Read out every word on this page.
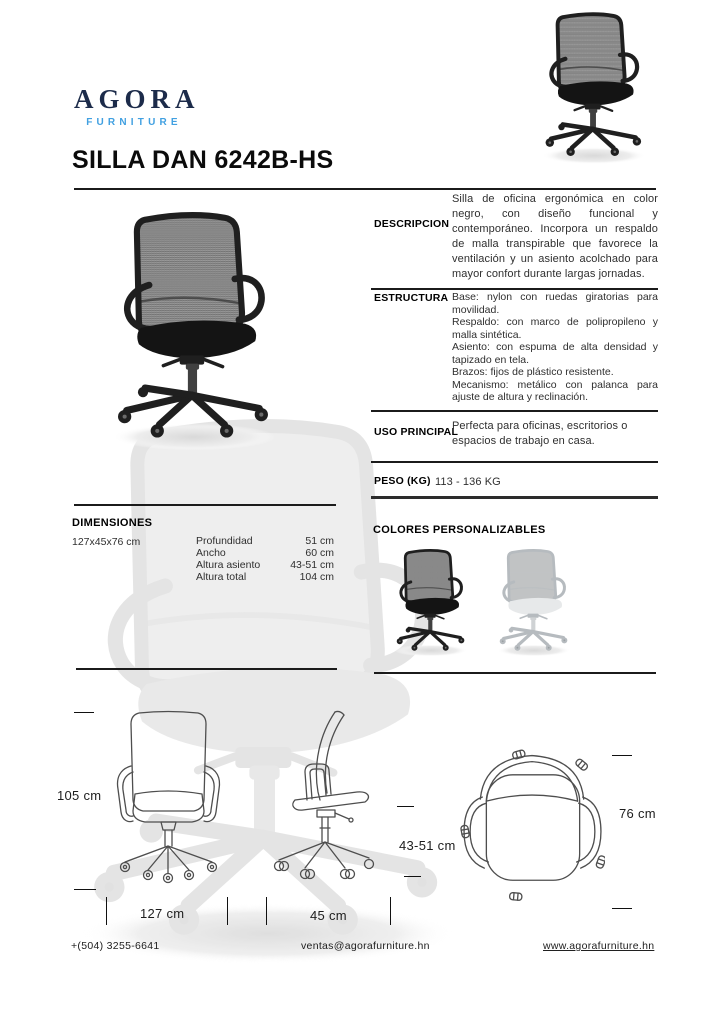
AGORA
FURNITURE
SILLA DAN 6242B-HS
DESCRIPCION
Silla de oficina ergonómica en color negro, con diseño funcional y contemporáneo. Incorpora un respaldo de malla transpirable que favorece la ventilación y un asiento acolchado para mayor confort durante largas jornadas.
ESTRUCTURA Base: nylon con ruedas giratorias para movilidad.
Respaldo: con marco de polipropileno y malla sintética.
Asiento: con espuma de alta densidad y tapizado en tela.
Brazos: fijos de plástico resistente.
Mecanismo: metálico con palanca para ajuste de altura y reclinación.
USO PRINCIPAL
Perfecta para oficinas, escritorios o espacios de trabajo en casa.
PESO (KG) 113 - 136 KG
DIMENSIONES
127x45x76 cm	Profundidad	51 cm
Ancho	60 cm
Altura asiento	43-51 cm
Altura total	104 cm
COLORES PERSONALIZABLES
105 cm
127 cm	45 cm
43-51 cm
76 cm
+(504) 3255-6641	ventas@agorafurniture.hn	www.agorafurniture.hn
